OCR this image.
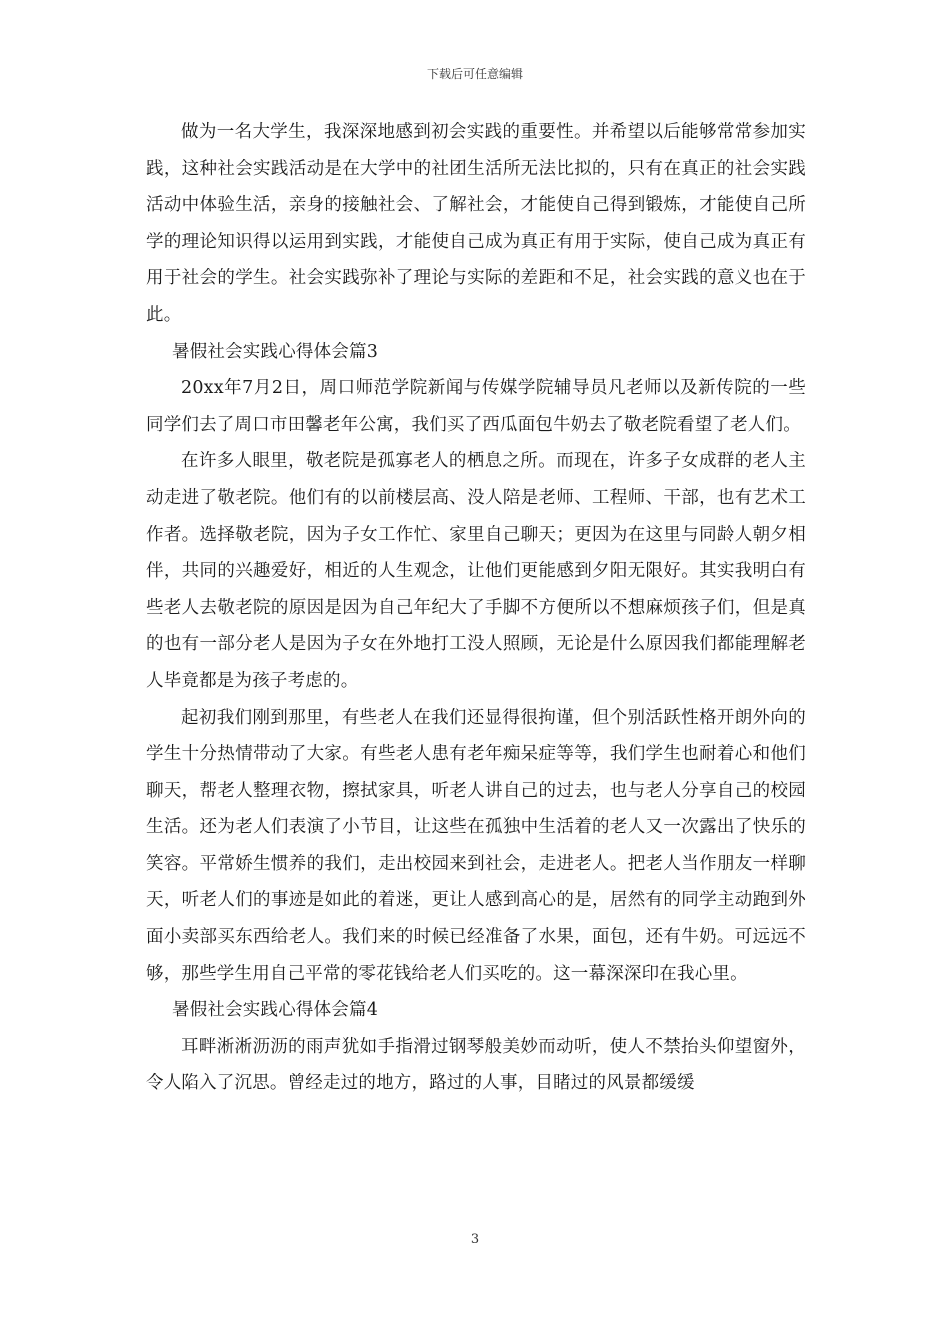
下载后可任意编辑

做为一名大学生，我深深地感到初会实践的重要性。并希望以后能够常常参加实践，这种社会实践活动是在大学中的社团生活所无法比拟的，只有在真正的社会实践活动中体验生活，亲身的接触社会、了解社会，才能使自己得到锻炼，才能使自己所学的理论知识得以运用到实践，才能使自己成为真正有用于实际，使自己成为真正有用于社会的学生。社会实践弥补了理论与实际的差距和不足，社会实践的意义也在于此。

暑假社会实践心得体会篇3

20xx年7月2日，周口师范学院新闻与传媒学院辅导员凡老师以及新传院的一些同学们去了周口市田馨老年公寓，我们买了西瓜面包牛奶去了敬老院看望了老人们。

在许多人眼里，敬老院是孤寡老人的栖息之所。而现在，许多子女成群的老人主动走进了敬老院。他们有的以前楼层高、没人陪是老师、工程师、干部，也有艺术工作者。选择敬老院，因为子女工作忙、家里自己聊天；更因为在这里与同龄人朝夕相伴，共同的兴趣爱好，相近的人生观念，让他们更能感到夕阳无限好。其实我明白有些老人去敬老院的原因是因为自己年纪大了手脚不方便所以不想麻烦孩子们，但是真的也有一部分老人是因为子女在外地打工没人照顾，无论是什么原因我们都能理解老人毕竟都是为孩子考虑的。

起初我们刚到那里，有些老人在我们还显得很拘谨，但个别活跃性格开朗外向的学生十分热情带动了大家。有些老人患有老年痴呆症等等，我们学生也耐着心和他们聊天，帮老人整理衣物，擦拭家具，听老人讲自己的过去，也与老人分享自己的校园生活。还为老人们表演了小节目，让这些在孤独中生活着的老人又一次露出了快乐的笑容。平常娇生惯养的我们，走出校园来到社会，走进老人。把老人当作朋友一样聊天，听老人们的事迹是如此的着迷，更让人感到高心的是，居然有的同学主动跑到外面小卖部买东西给老人。我们来的时候已经准备了水果，面包，还有牛奶。可远远不够，那些学生用自己平常的零花钱给老人们买吃的。这一幕深深印在我心里。

暑假社会实践心得体会篇4

耳畔淅淅沥沥的雨声犹如手指滑过钢琴般美妙而动听，使人不禁抬头仰望窗外，令人陷入了沉思。曾经走过的地方，路过的人事，目睹过的风景都缓缓

3
